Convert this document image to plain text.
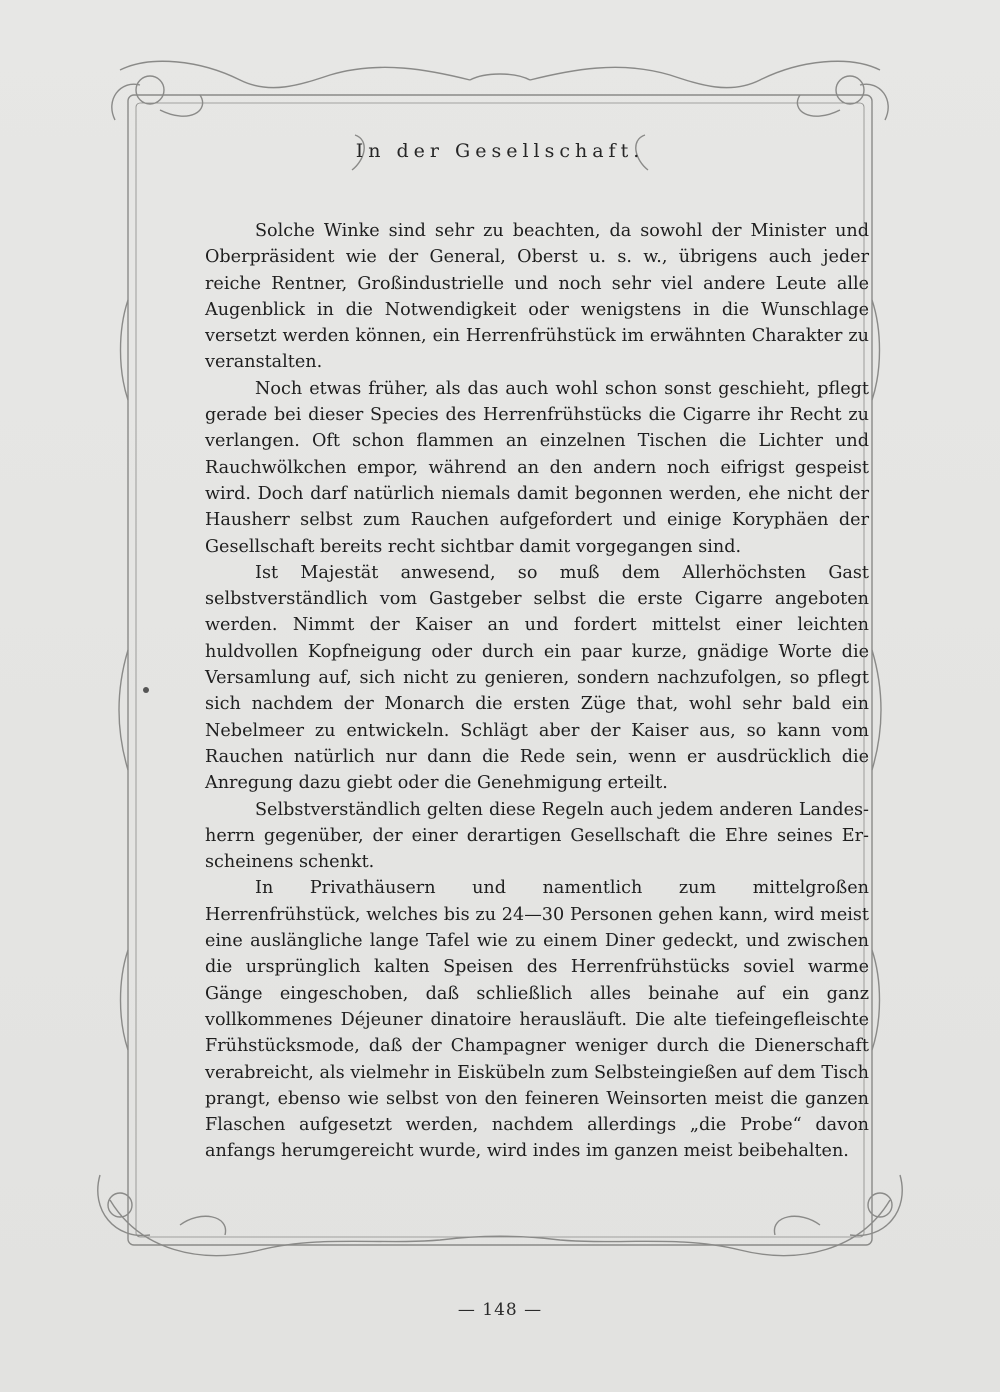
In der Gesellschaft.

Solche Winke sind sehr zu beachten, da sowohl der Minister und Oberpräsident wie der General, Oberst u. s. w., übrigens auch jeder reiche Rentner, Großindustrielle und noch sehr viel andere Leute alle Augenblick in die Notwendigkeit oder wenigstens in die Wunschlage versetzt werden können, ein Herrenfrühstück im erwähnten Charakter zu veranstalten.

Noch etwas früher, als das auch wohl schon sonst geschieht, pflegt gerade bei dieser Species des Herrenfrühstücks die Cigarre ihr Recht zu verlangen. Oft schon flammen an einzelnen Tischen die Lichter und Rauchwölkchen empor, während an den andern noch eifrigst gespeist wird. Doch darf natürlich niemals damit begonnen werden, ehe nicht der Hausherr selbst zum Rauchen aufgefordert und einige Koryphäen der Gesellschaft bereits recht sichtbar damit vorgegangen sind.

Ist Majestät anwesend, so muß dem Allerhöchsten Gast selbstverständlich vom Gastgeber selbst die erste Cigarre angeboten werden. Nimmt der Kaiser an und fordert mittelst einer leichten huldvollen Kopfneigung oder durch ein paar kurze, gnädige Worte die Versamlung auf, sich nicht zu genieren, sondern nachzufolgen, so pflegt sich nachdem der Monarch die ersten Züge that, wohl sehr bald ein Nebelmeer zu entwickeln. Schlägt aber der Kaiser aus, so kann vom Rauchen natürlich nur dann die Rede sein, wenn er ausdrücklich die Anregung dazu giebt oder die Genehmigung erteilt.

Selbstverständlich gelten diese Regeln auch jedem anderen Landesherrn gegenüber, der einer derartigen Gesellschaft die Ehre seines Erscheinens schenkt.

In Privathäusern und namentlich zum mittelgroßen Herrenfrühstück, welches bis zu 24—30 Personen gehen kann, wird meist eine auslängliche lange Tafel wie zu einem Diner gedeckt, und zwischen die ursprünglich kalten Speisen des Herrenfrühstücks soviel warme Gänge eingeschoben, daß schließlich alles beinahe auf ein ganz vollkommenes Déjeuner dinatoire herausläuft. Die alte tiefeingefleischte Frühstücksmode, daß der Champagner weniger durch die Dienerschaft verabreicht, als vielmehr in Eiskübeln zum Selbsteingießen auf dem Tisch prangt, ebenso wie selbst von den feineren Weinsorten meist die ganzen Flaschen aufgesetzt werden, nachdem allerdings „die Probe“ davon anfangs herumgereicht wurde, wird indes im ganzen meist beibehalten.

— 148 —
